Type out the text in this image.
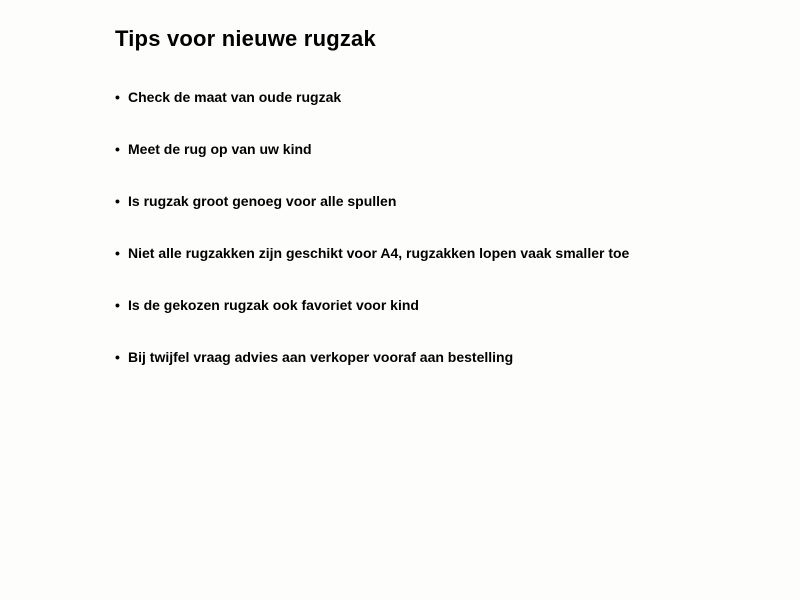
Tips voor nieuwe rugzak
• Check de maat van oude rugzak
• Meet de rug op van uw kind
• Is rugzak groot genoeg voor alle spullen
• Niet alle rugzakken zijn geschikt voor A4, rugzakken lopen vaak smaller toe
• Is de gekozen rugzak ook favoriet voor kind
• Bij twijfel vraag advies aan verkoper vooraf aan bestelling
